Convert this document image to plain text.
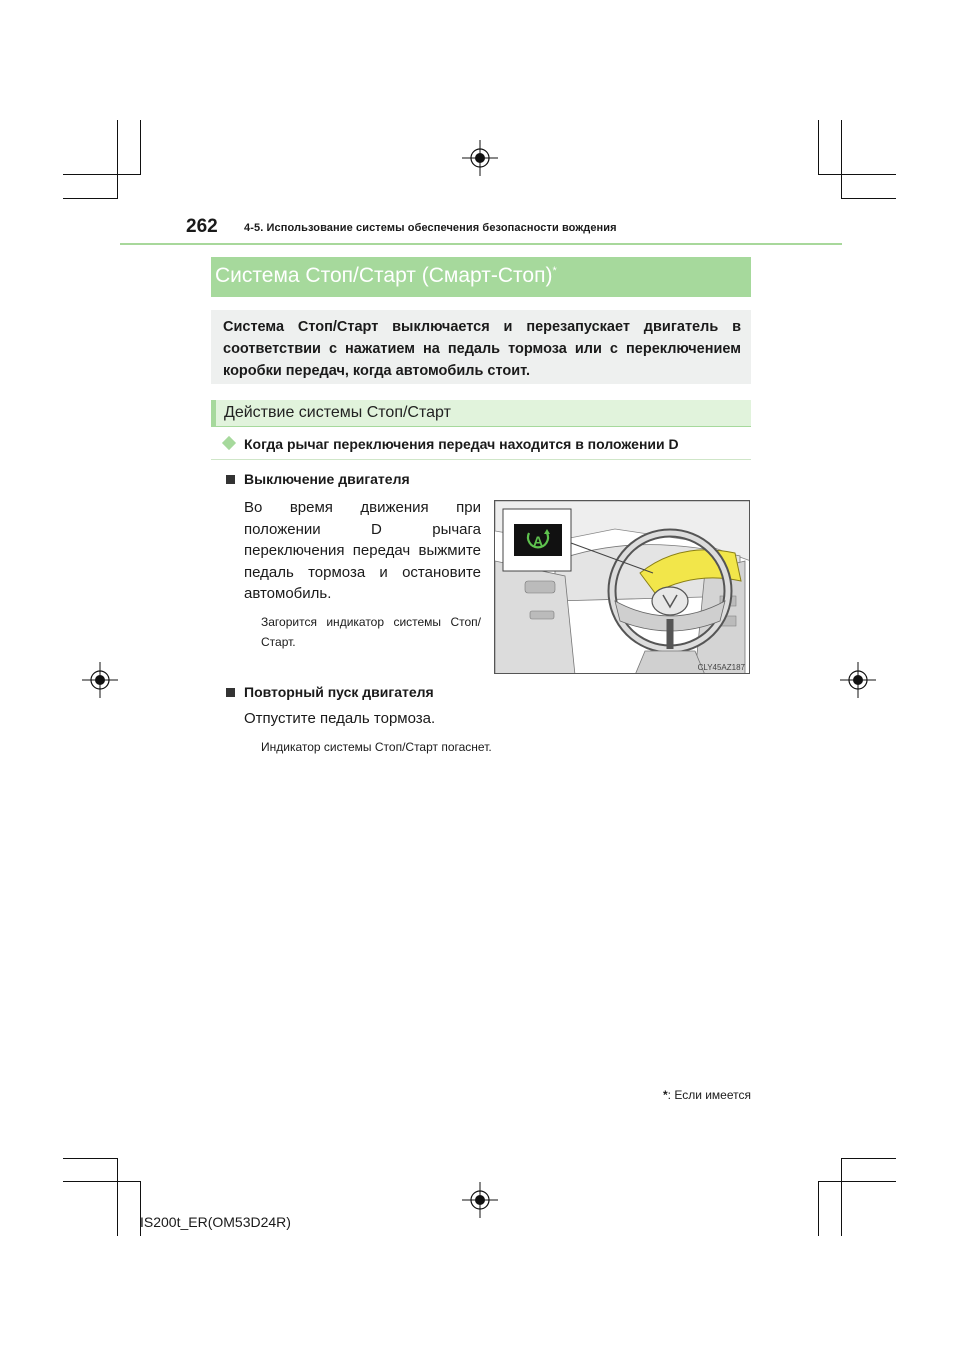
262 4-5. Использование системы обеспечения безопасности вождения
Система Стоп/Старт (Смарт-Стоп)*
Система Стоп/Старт выключается и перезапускает двигатель в соответствии с нажатием на педаль тормоза или с переключением коробки передач, когда автомобиль стоит.
Действие системы Стоп/Старт
Когда рычаг переключения передач находится в положении D
Выключение двигателя
Во время движения при положении D рычага переключения передач выжмите педаль тормоза и остановите автомобиль.
Загорится индикатор системы Стоп/Старт.
A
CLY45AZ187
Повторный пуск двигателя
Отпустите педаль тормоза.
Индикатор системы Стоп/Старт погаснет.
*: Если имеется
IS200t_ER(OM53D24R)
